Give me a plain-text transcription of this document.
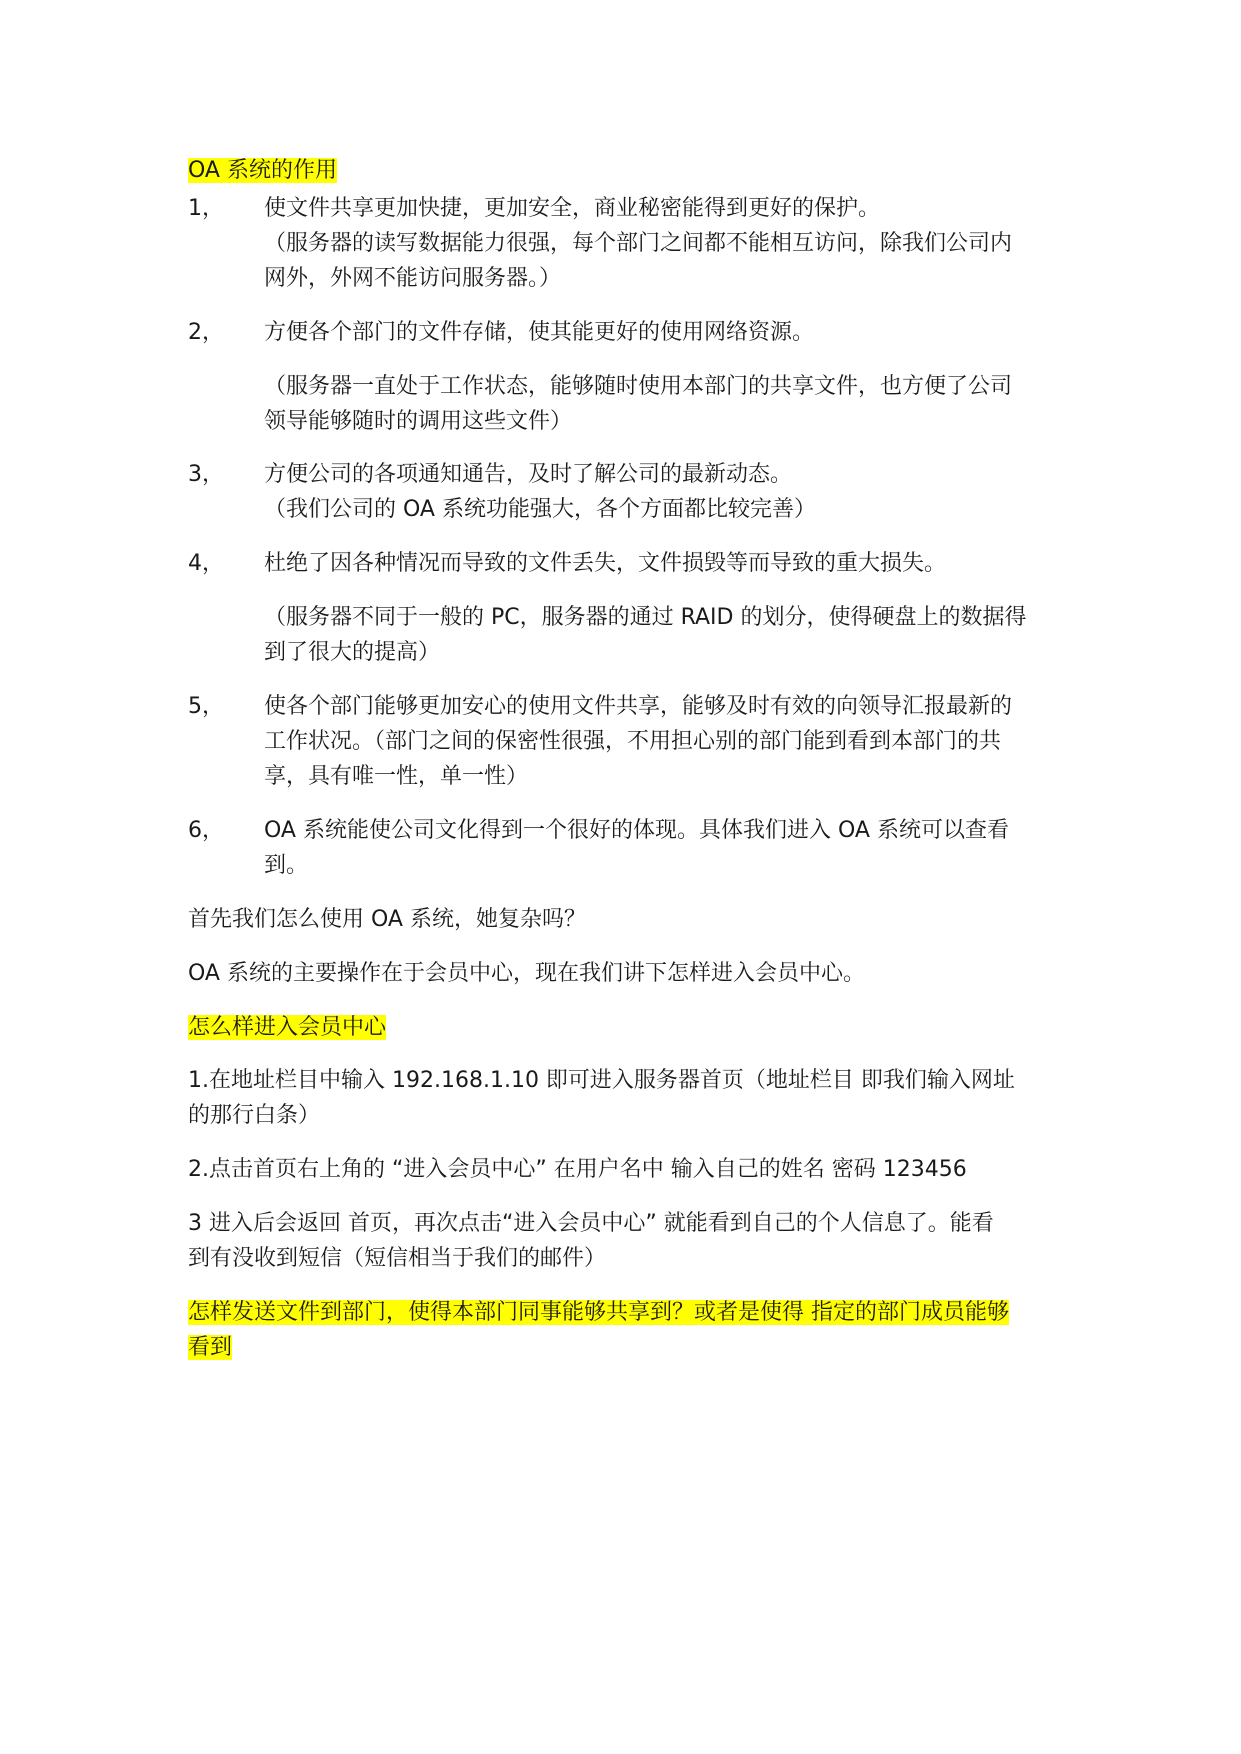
OA 系统的作用
1， 使文件共享更加快捷，更加安全，商业秘密能得到更好的保护。
（服务器的读写数据能力很强，每个部门之间都不能相互访问，除我们公司内
网外，外网不能访问服务器。）
2， 方便各个部门的文件存储，使其能更好的使用网络资源。
（服务器一直处于工作状态，能够随时使用本部门的共享文件，也方便了公司
领导能够随时的调用这些文件）
3， 方便公司的各项通知通告，及时了解公司的最新动态。
（我们公司的 OA 系统功能强大，各个方面都比较完善）
4， 杜绝了因各种情况而导致的文件丢失，文件损毁等而导致的重大损失。
（服务器不同于一般的 PC，服务器的通过 RAID 的划分，使得硬盘上的数据得
到了很大的提高）
5， 使各个部门能够更加安心的使用文件共享，能够及时有效的向领导汇报最新的
工作状况。（部门之间的保密性很强，不用担心别的部门能到看到本部门的共
享，具有唯一性，单一性）
6， OA 系统能使公司文化得到一个很好的体现。具体我们进入 OA 系统可以查看
到。
首先我们怎么使用 OA 系统，她复杂吗？
OA 系统的主要操作在于会员中心，现在我们讲下怎样进入会员中心。
怎么样进入会员中心
1.在地址栏目中输入 192.168.1.10 即可进入服务器首页（地址栏目 即我们输入网址
的那行白条）
2.点击首页右上角的 “进入会员中心” 在用户名中 输入自己的姓名 密码 123456
3 进入后会返回 首页，再次点击“进入会员中心” 就能看到自己的个人信息了。能看
到有没收到短信（短信相当于我们的邮件）
怎样发送文件到部门，使得本部门同事能够共享到？或者是使得 指定的部门成员能够
看到
